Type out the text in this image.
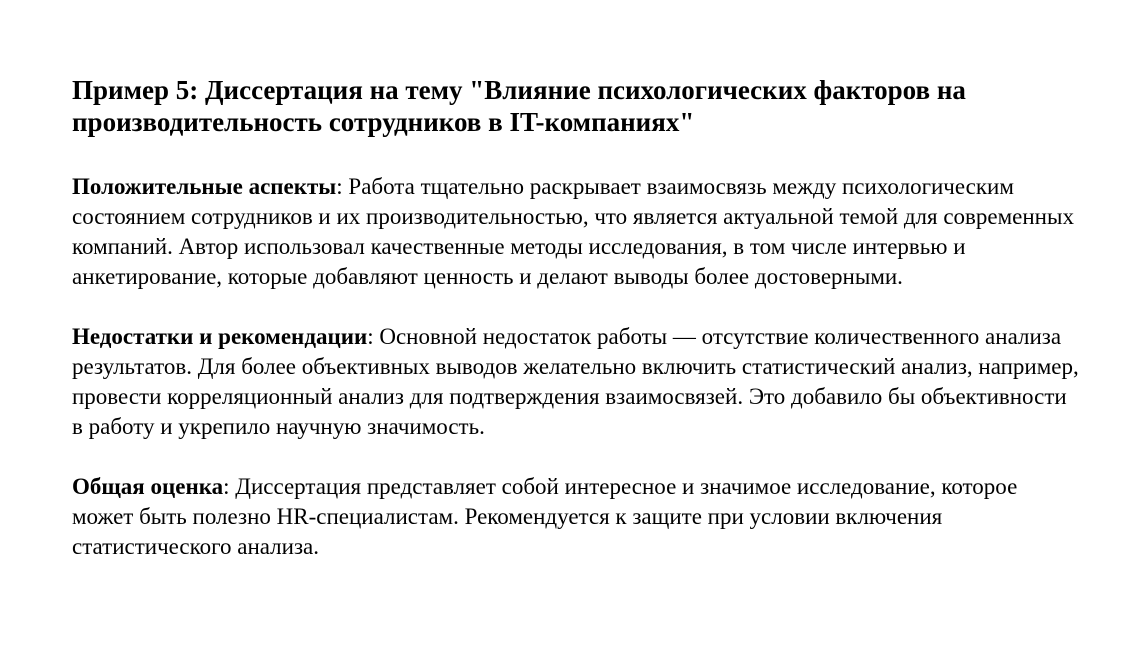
Пример 5: Диссертация на тему "Влияние психологических факторов на производительность сотрудников в IT-компаниях"

Положительные аспекты: Работа тщательно раскрывает взаимосвязь между психологическим состоянием сотрудников и их производительностью, что является актуальной темой для современных компаний. Автор использовал качественные методы исследования, в том числе интервью и анкетирование, которые добавляют ценность и делают выводы более достоверными.

Недостатки и рекомендации: Основной недостаток работы — отсутствие количественного анализа результатов. Для более объективных выводов желательно включить статистический анализ, например, провести корреляционный анализ для подтверждения взаимосвязей. Это добавило бы объективности в работу и укрепило научную значимость.

Общая оценка: Диссертация представляет собой интересное и значимое исследование, которое может быть полезно HR-специалистам. Рекомендуется к защите при условии включения статистического анализа.
